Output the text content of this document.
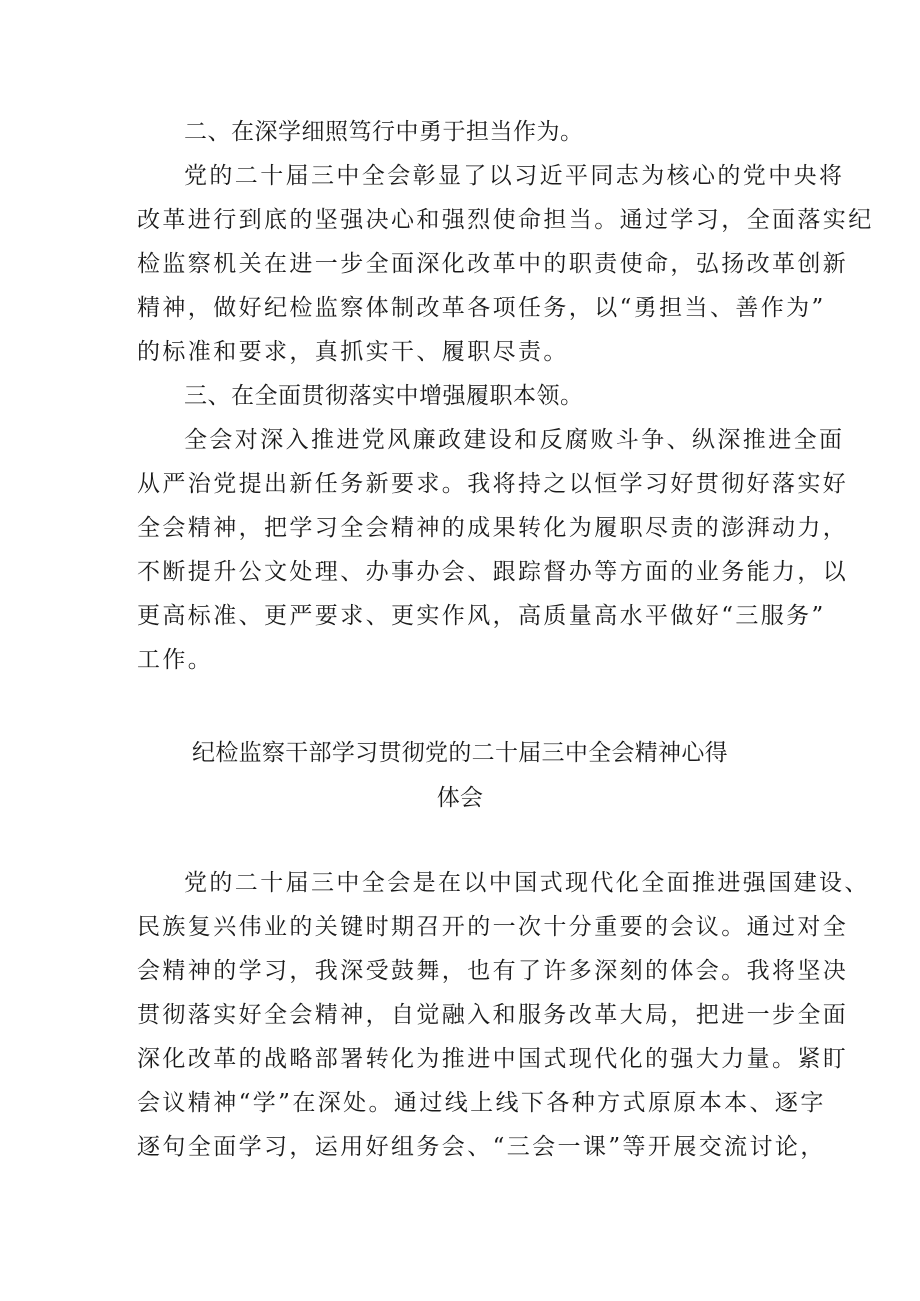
二、在深学细照笃行中勇于担当作为。
党的二十届三中全会彰显了以习近平同志为核心的党中央将
改革进行到底的坚强决心和强烈使命担当。通过学习，全面落实纪
检监察机关在进一步全面深化改革中的职责使命，弘扬改革创新
精神，做好纪检监察体制改革各项任务，以“勇担当、善作为”
的标准和要求，真抓实干、履职尽责。
三、在全面贯彻落实中增强履职本领。
全会对深入推进党风廉政建设和反腐败斗争、纵深推进全面
从严治党提出新任务新要求。我将持之以恒学习好贯彻好落实好
全会精神，把学习全会精神的成果转化为履职尽责的澎湃动力，
不断提升公文处理、办事办会、跟踪督办等方面的业务能力，以
更高标准、更严要求、更实作风，高质量高水平做好“三服务”
工作。
纪检监察干部学习贯彻党的二十届三中全会精神心得
体会
党的二十届三中全会是在以中国式现代化全面推进强国建设、
民族复兴伟业的关键时期召开的一次十分重要的会议。通过对全
会精神的学习，我深受鼓舞，也有了许多深刻的体会。我将坚决
贯彻落实好全会精神，自觉融入和服务改革大局，把进一步全面
深化改革的战略部署转化为推进中国式现代化的强大力量。紧盯
会议精神“学”在深处。通过线上线下各种方式原原本本、逐字
逐句全面学习，运用好组务会、“三会一课”等开展交流讨论，
